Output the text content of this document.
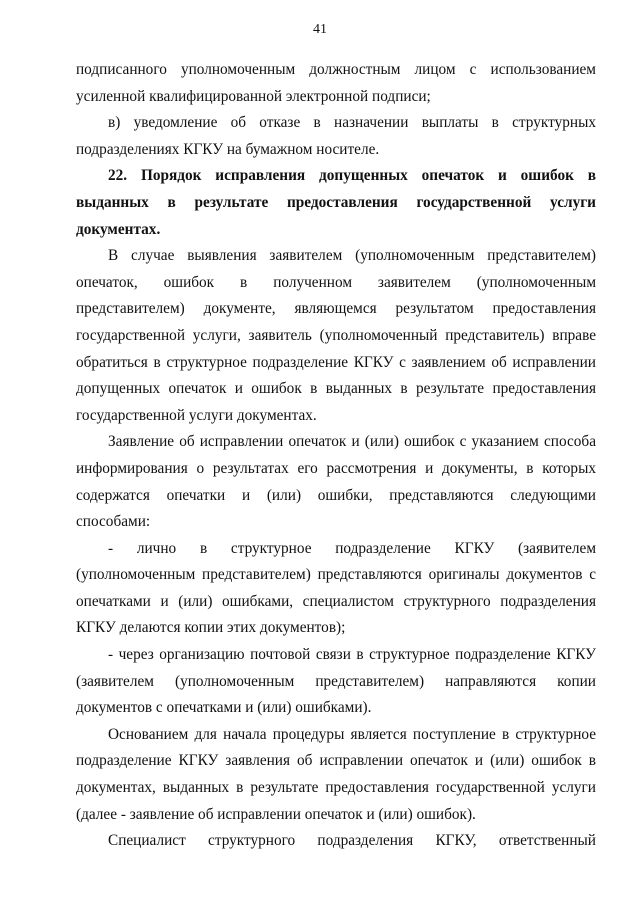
41

подписанного уполномоченным должностным лицом с использованием усиленной квалифицированной электронной подписи;

в) уведомление об отказе в назначении выплаты в структурных подразделениях КГКУ на бумажном носителе.

22. Порядок исправления допущенных опечаток и ошибок в выданных в результате предоставления государственной услуги документах.

В случае выявления заявителем (уполномоченным представителем) опечаток, ошибок в полученном заявителем (уполномоченным представителем) документе, являющемся результатом предоставления государственной услуги, заявитель (уполномоченный представитель) вправе обратиться в структурное подразделение КГКУ с заявлением об исправлении допущенных опечаток и ошибок в выданных в результате предоставления государственной услуги документах.

Заявление об исправлении опечаток и (или) ошибок с указанием способа информирования о результатах его рассмотрения и документы, в которых содержатся опечатки и (или) ошибки, представляются следующими способами:

- лично в структурное подразделение КГКУ (заявителем (уполномоченным представителем) представляются оригиналы документов с опечатками и (или) ошибками, специалистом структурного подразделения КГКУ делаются копии этих документов);

- через организацию почтовой связи в структурное подразделение КГКУ (заявителем (уполномоченным представителем) направляются копии документов с опечатками и (или) ошибками).

Основанием для начала процедуры является поступление в структурное подразделение КГКУ заявления об исправлении опечаток и (или) ошибок в документах, выданных в результате предоставления государственной услуги (далее - заявление об исправлении опечаток и (или) ошибок).

Специалист структурного подразделения КГКУ, ответственный
